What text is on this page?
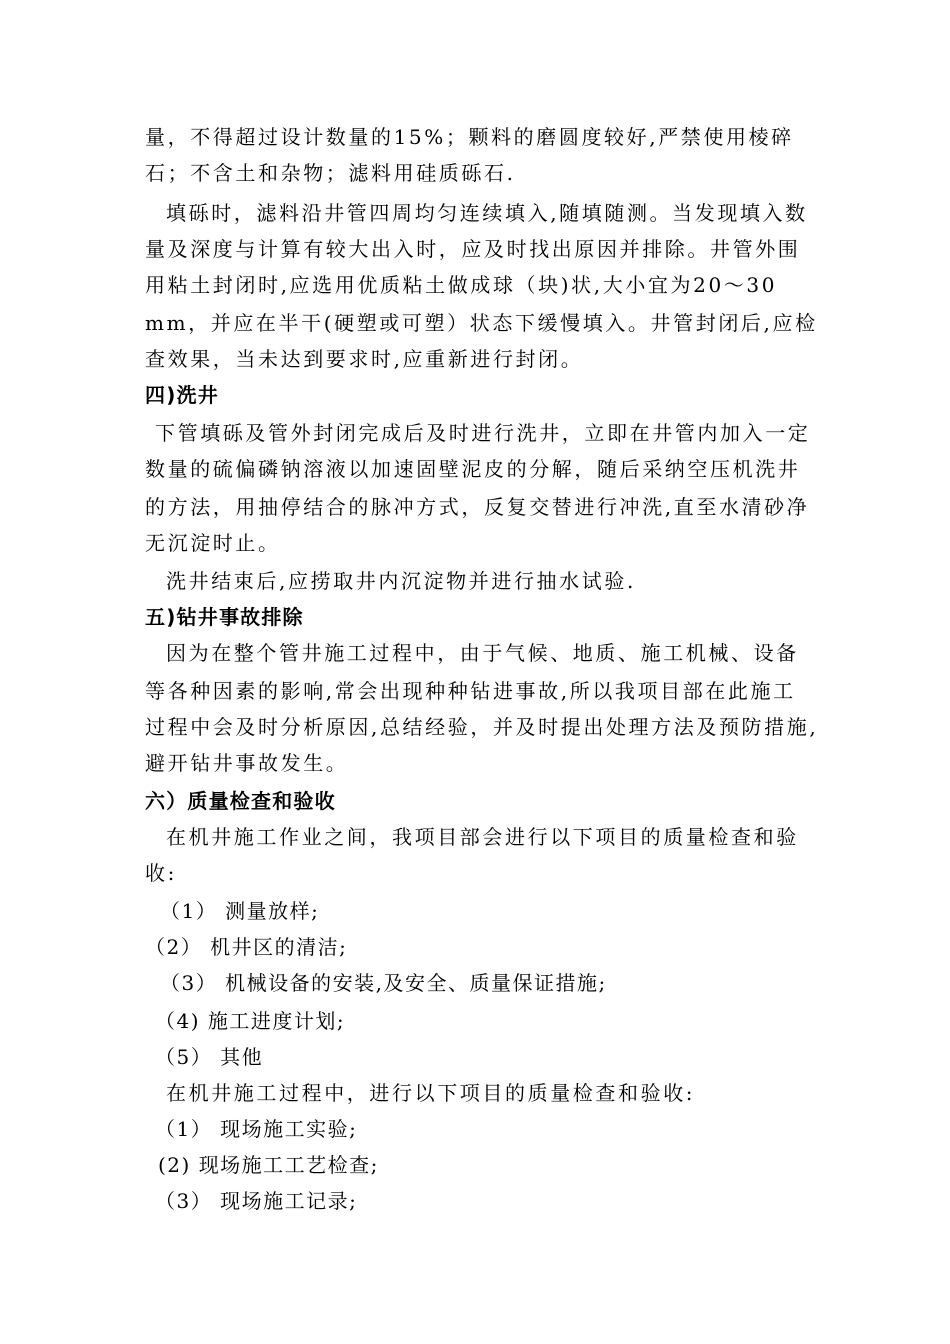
量，不得超过设计数量的15%；颗料的磨圆度较好,严禁使用棱碎
石；不含土和杂物；滤料用硅质砾石.
填砾时，滤料沿井管四周均匀连续填入,随填随测。当发现填入数
量及深度与计算有较大出入时，应及时找出原因并排除。井管外围
用粘土封闭时,应选用优质粘土做成球（块)状,大小宜为20～30
mm，并应在半干(硬塑或可塑）状态下缓慢填入。井管封闭后,应检
查效果，当未达到要求时,应重新进行封闭。
四)洗井
下管填砾及管外封闭完成后及时进行洗井，立即在井管内加入一定
数量的硫偏磷钠溶液以加速固壁泥皮的分解，随后采纳空压机洗井
的方法，用抽停结合的脉冲方式，反复交替进行冲洗,直至水清砂净
无沉淀时止。
洗井结束后,应捞取井内沉淀物并进行抽水试验.
五)钻井事故排除
因为在整个管井施工过程中，由于气候、地质、施工机械、设备
等各种因素的影响,常会出现种种钻进事故,所以我项目部在此施工
过程中会及时分析原因,总结经验，并及时提出处理方法及预防措施,
避开钻井事故发生。
六）质量检查和验收
在机井施工作业之间，我项目部会进行以下项目的质量检查和验
收:
（1） 测量放样;
（2） 机井区的清洁;
（3） 机械设备的安装,及安全、质量保证措施;
（4) 施工进度计划;
（5） 其他
在机井施工过程中，进行以下项目的质量检查和验收:
（1） 现场施工实验;
(2) 现场施工工艺检查;
（3） 现场施工记录;
